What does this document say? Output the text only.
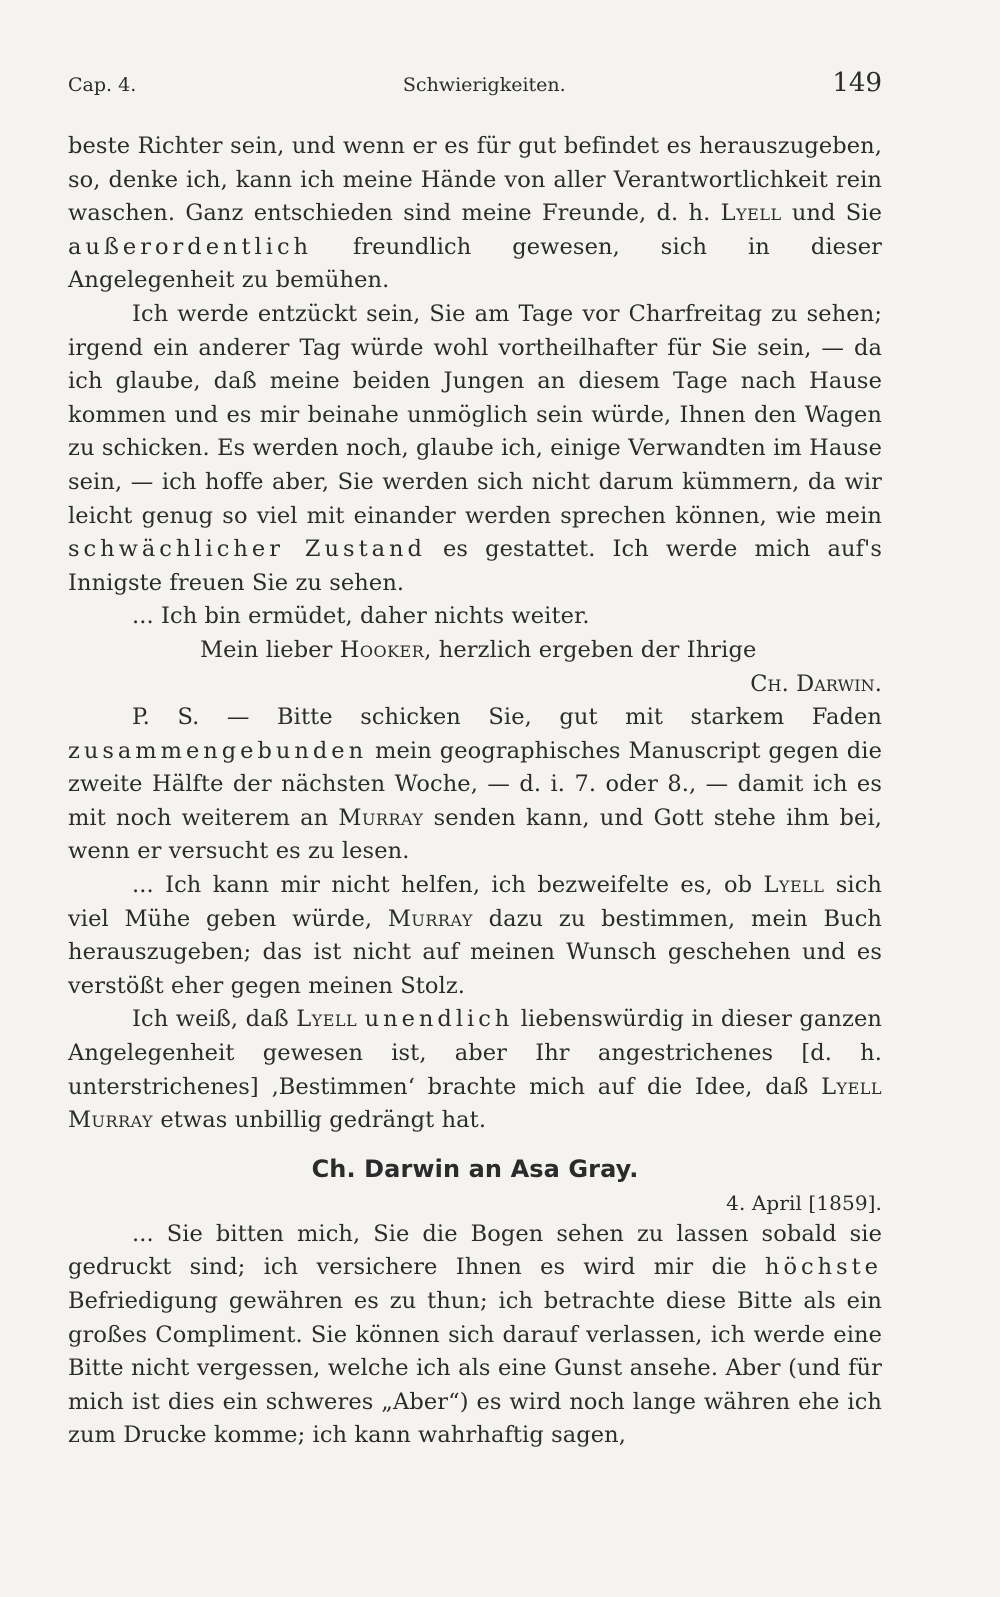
Cap. 4.	Schwierigkeiten.	149

beste Richter sein, und wenn er es für gut befindet es herauszugeben, so, denke ich, kann ich meine Hände von aller Verantwortlichkeit rein waschen. Ganz entschieden sind meine Freunde, d. h. Lyell und Sie außerordentlich freundlich gewesen, sich in dieser Angelegenheit zu bemühen.

Ich werde entzückt sein, Sie am Tage vor Charfreitag zu sehen; irgend ein anderer Tag würde wohl vortheilhafter für Sie sein, — da ich glaube, daß meine beiden Jungen an diesem Tage nach Hause kommen und es mir beinahe unmöglich sein würde, Ihnen den Wagen zu schicken. Es werden noch, glaube ich, einige Verwandten im Hause sein, — ich hoffe aber, Sie werden sich nicht darum kümmern, da wir leicht genug so viel mit einander werden sprechen können, wie mein schwächlicher Zustand es gestattet. Ich werde mich auf's Innigste freuen Sie zu sehen.

... Ich bin ermüdet, daher nichts weiter.

Mein lieber Hooker, herzlich ergeben der Ihrige

Ch. Darwin.

P. S. — Bitte schicken Sie, gut mit starkem Faden zusammengebunden mein geographisches Manuscript gegen die zweite Hälfte der nächsten Woche, — d. i. 7. oder 8., — damit ich es mit noch weiterem an Murray senden kann, und Gott stehe ihm bei, wenn er versucht es zu lesen.

... Ich kann mir nicht helfen, ich bezweifelte es, ob Lyell sich viel Mühe geben würde, Murray dazu zu bestimmen, mein Buch herauszugeben; das ist nicht auf meinen Wunsch geschehen und es verstößt eher gegen meinen Stolz.

Ich weiß, daß Lyell unendlich liebenswürdig in dieser ganzen Angelegenheit gewesen ist, aber Ihr angestrichenes [d. h. unterstrichenes] ‚Bestimmen‘ brachte mich auf die Idee, daß Lyell Murray etwas unbillig gedrängt hat.

Ch. Darwin an Asa Gray.

4. April [1859].

... Sie bitten mich, Sie die Bogen sehen zu lassen sobald sie gedruckt sind; ich versichere Ihnen es wird mir die höchste Befriedigung gewähren es zu thun; ich betrachte diese Bitte als ein großes Compliment. Sie können sich darauf verlassen, ich werde eine Bitte nicht vergessen, welche ich als eine Gunst ansehe. Aber (und für mich ist dies ein schweres „Aber“) es wird noch lange währen ehe ich zum Drucke komme; ich kann wahrhaftig sagen,
